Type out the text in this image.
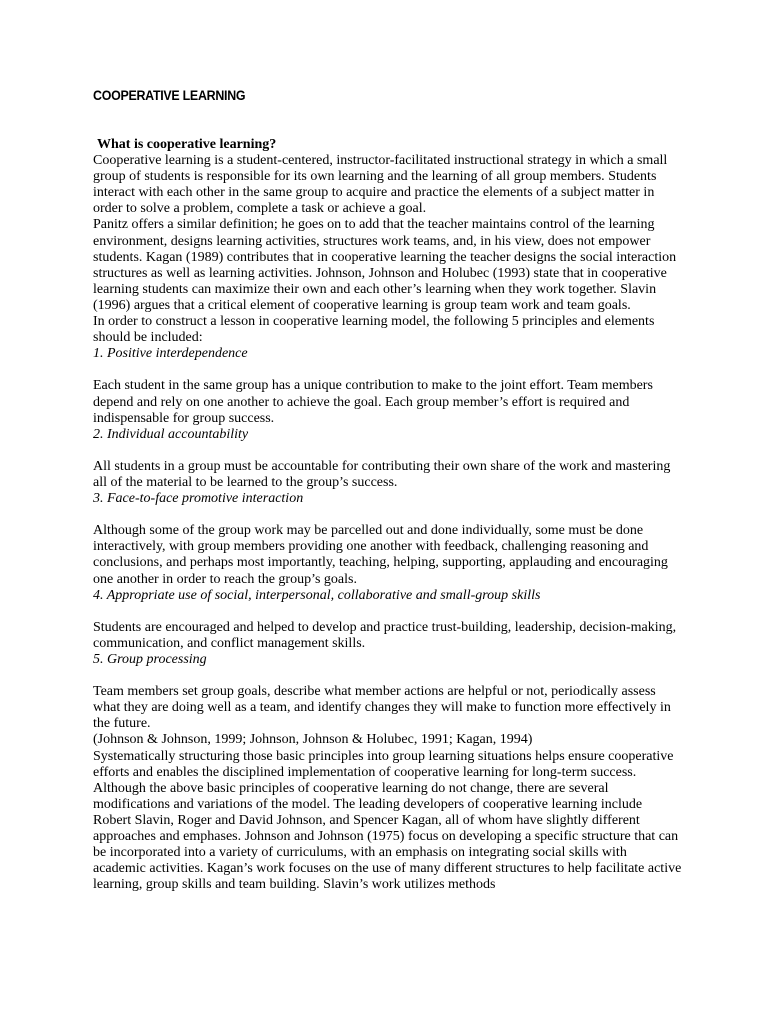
COOPERATIVE LEARNING

What is cooperative learning?

Cooperative learning is a student-centered, instructor-facilitated instructional strategy in which a small group of students is responsible for its own learning and the learning of all group members. Students interact with each other in the same group to acquire and practice the elements of a subject matter in order to solve a problem, complete a task or achieve a goal.

Panitz offers a similar definition; he goes on to add that the teacher maintains control of the learning environment, designs learning activities, structures work teams, and, in his view, does not empower students. Kagan (1989) contributes that in cooperative learning the teacher designs the social interaction structures as well as learning activities. Johnson, Johnson and Holubec (1993) state that in cooperative learning students can maximize their own and each other’s learning when they work together. Slavin (1996) argues that a critical element of cooperative learning is group team work and team goals.

In order to construct a lesson in cooperative learning model, the following 5 principles and elements should be included:

1. Positive interdependence

Each student in the same group has a unique contribution to make to the joint effort. Team members depend and rely on one another to achieve the goal. Each group member’s effort is required and indispensable for group success.

2. Individual accountability

All students in a group must be accountable for contributing their own share of the work and mastering all of the material to be learned to the group’s success.

3. Face-to-face promotive interaction

Although some of the group work may be parcelled out and done individually, some must be done interactively, with group members providing one another with feedback, challenging reasoning and conclusions, and perhaps most importantly, teaching, helping, supporting, applauding and encouraging one another in order to reach the group’s goals.

4. Appropriate use of social, interpersonal, collaborative and small-group skills

Students are encouraged and helped to develop and practice trust-building, leadership, decision-making, communication, and conflict management skills.

5. Group processing

Team members set group goals, describe what member actions are helpful or not, periodically assess what they are doing well as a team, and identify changes they will make to function more effectively in the future.

(Johnson & Johnson, 1999; Johnson, Johnson & Holubec, 1991; Kagan, 1994)

Systematically structuring those basic principles into group learning situations helps ensure cooperative efforts and enables the disciplined implementation of cooperative learning for long-term success.

Although the above basic principles of cooperative learning do not change, there are several modifications and variations of the model. The leading developers of cooperative learning include Robert Slavin, Roger and David Johnson, and Spencer Kagan, all of whom have slightly different approaches and emphases. Johnson and Johnson (1975) focus on developing a specific structure that can be incorporated into a variety of curriculums, with an emphasis on integrating social skills with academic activities. Kagan’s work focuses on the use of many different structures to help facilitate active learning, group skills and team building. Slavin’s work utilizes methods
